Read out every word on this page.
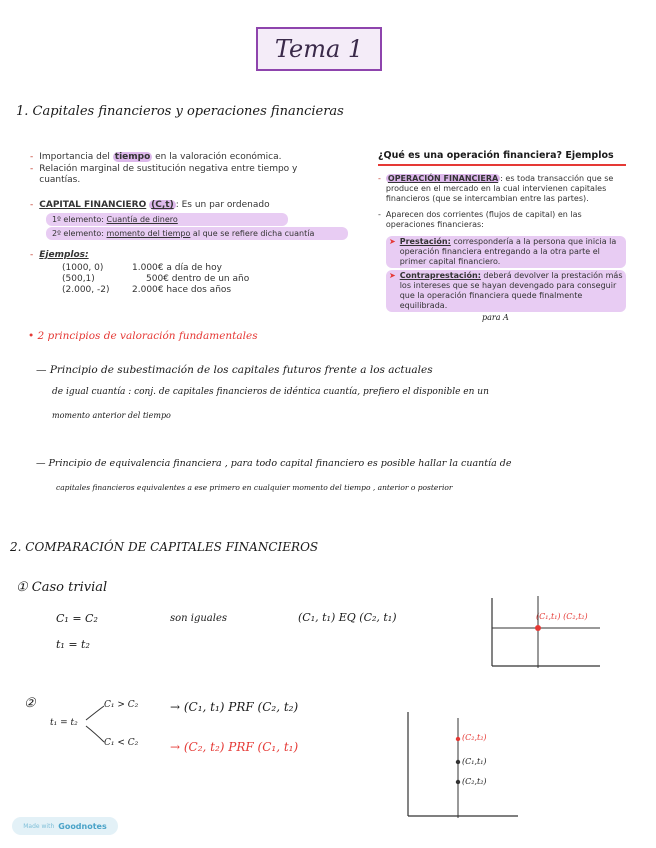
Tema 1
1. Capitales financieros y operaciones financieras
- Importancia del tiempo en la valoración económica.
- Relación marginal de sustitución negativa entre tiempo y cuantías.
- CAPITAL FINANCIERO (C,t) : Es un par ordenado
1º elemento: Cuantía de dinero
2º elemento: momento del tiempo al que se refiere dicha cuantía
- Ejemplos:
(1000, 0)	1.000€ a día de hoy
(500,1)	500€ dentro de un año
(2.000, -2)	2.000€ hace dos años
¿Qué es una operación financiera? Ejemplos
- OPERACIÓN FINANCIERA : es toda transacción que se produce en el mercado en la cual intervienen capitales financieros (que se intercambian entre las partes).
- Aparecen dos corrientes (flujos de capital) en las operaciones financieras:
➤ Prestación: correspondería a la persona que inicia la operación financiera entregando a la otra parte el primer capital financiero.
➤ Contraprestación: deberá devolver la prestación más los intereses que se hayan devengado para conseguir que la operación financiera quede finalmente equilibrada.
para A
• 2 principios de valoración fundamentales
— Principio de subestimación de los capitales futuros frente a los actuales
de igual cuantía : conj. de capitales financieros de idéntica cuantía, prefiero el disponible en un
momento anterior del tiempo
— Principio de equivalencia financiera , para todo capital financiero es posible hallar la cuantía de
capitales financieros equivalentes a ese primero en cualquier momento del tiempo , anterior o posterior
2. COMPARACIÓN DE CAPITALES FINANCIEROS
① Caso trivial
C₁ = C₂
t₁ = t₂
son iguales	(C₁, t₁) EQ (C₂, t₁)	(C₁,t₁) (C₂,t₂)
②
t₁ = t₂
C₁ > C₂
C₁ < C₂
→ (C₁, t₁) PRF (C₂, t₂)
→ (C₂, t₂) PRF (C₁, t₁)
(C₂,t₂)
(C₁,t₁)
(C₂,t₂)
Made with Goodnotes
